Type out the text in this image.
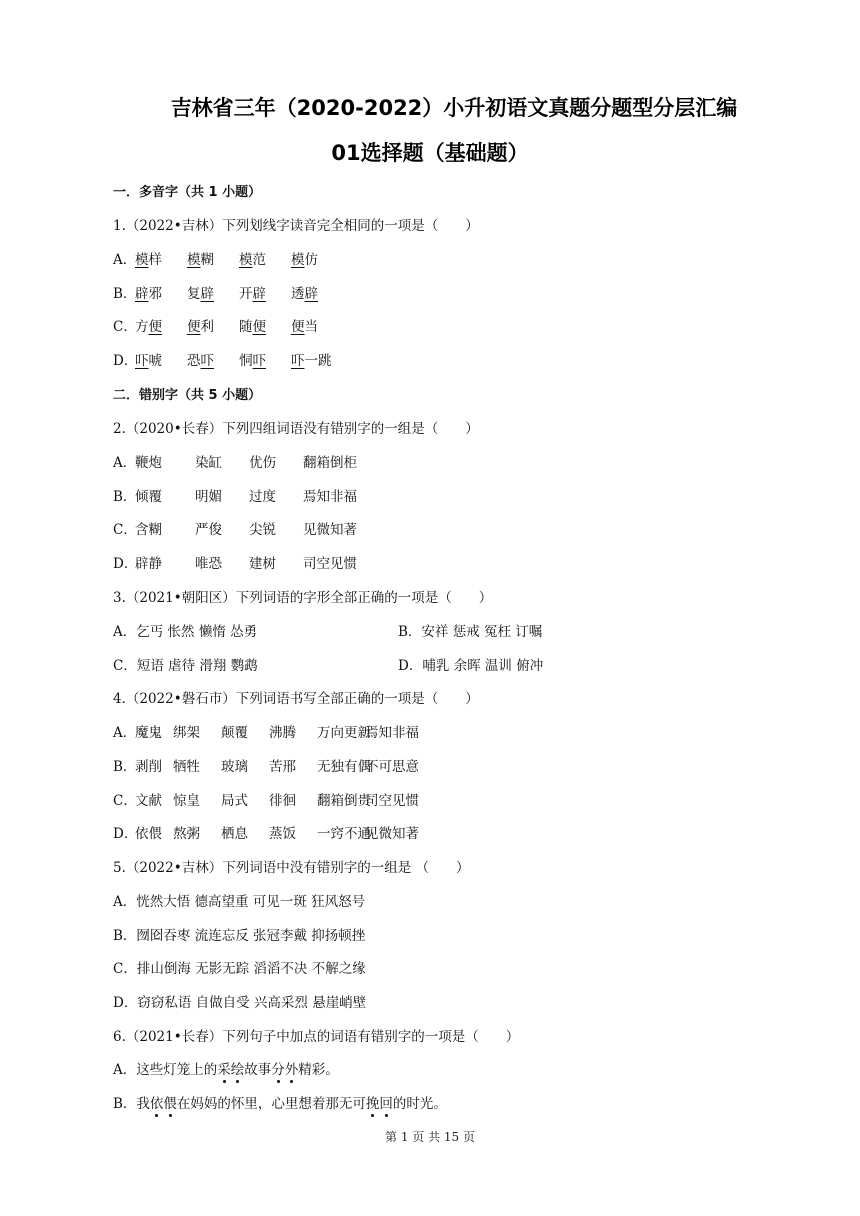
吉林省三年（2020-2022）小升初语文真题分题型分层汇编
01选择题（基础题）
一．多音字（共 1 小题）
1.（2022•吉林）下列划线字读音完全相同的一项是（　　）
A．
模样 模糊 模范 模仿
B．
辟邪 复辟 开辟 透辟
C．
方便 便利 随便 便当
D．
吓唬 恐吓 恫吓 吓一跳
二．错别字（共 5 小题）
2.（2020•长春）下列四组词语没有错别字的一组是（　　）
A．
鞭炮 染缸 优伤 翻箱倒柜
B．
倾覆 明媚 过度 焉知非福
C．
含糊 严俊 尖锐 见微知著
D．
辟静 唯恐 建树 司空见惯
3.（2021•朝阳区）下列词语的字形全部正确的一项是（　　）
A．乞丐 怅然 懒惰 怂勇	B．安祥 惩戒 冤枉 订嘱
C．短语 虐待 滑翔 鹦鹉	D．哺乳 余晖 温训 俯冲
4.（2022•磐石市）下列词语书写全部正确的一项是（　　）
A．
魔鬼 绑架 颠覆 沸腾 万向更新
焉知非福
B．
剥削 牺牲 玻璃 苦邢 无独有偶
不可思意
C．
文献 惊皇 局式 徘徊 翻箱倒贵
司空见惯
D．
依偎 熬粥 栖息 蒸饭 一窍不通
见微知著
5.（2022•吉林）下列词语中没有错别字的一组是 （　　）
A．恍然大悟 德高望重 可见一斑 狂风怒号
B．囫囵吞枣 流连忘反 张冠李戴 抑扬顿挫
C．排山倒海 无影无踪 滔滔不决 不解之缘
D．窃窃私语 自做自受 兴高采烈 悬崖峭壁
6.（2021•长春）下列句子中加点的词语有错别字的一项是（　　）
A．这些灯笼上的采绘故事分外精彩。
B．我依偎在妈妈的怀里，心里想着那无可挽回的时光。
第 1 页 共 15 页
